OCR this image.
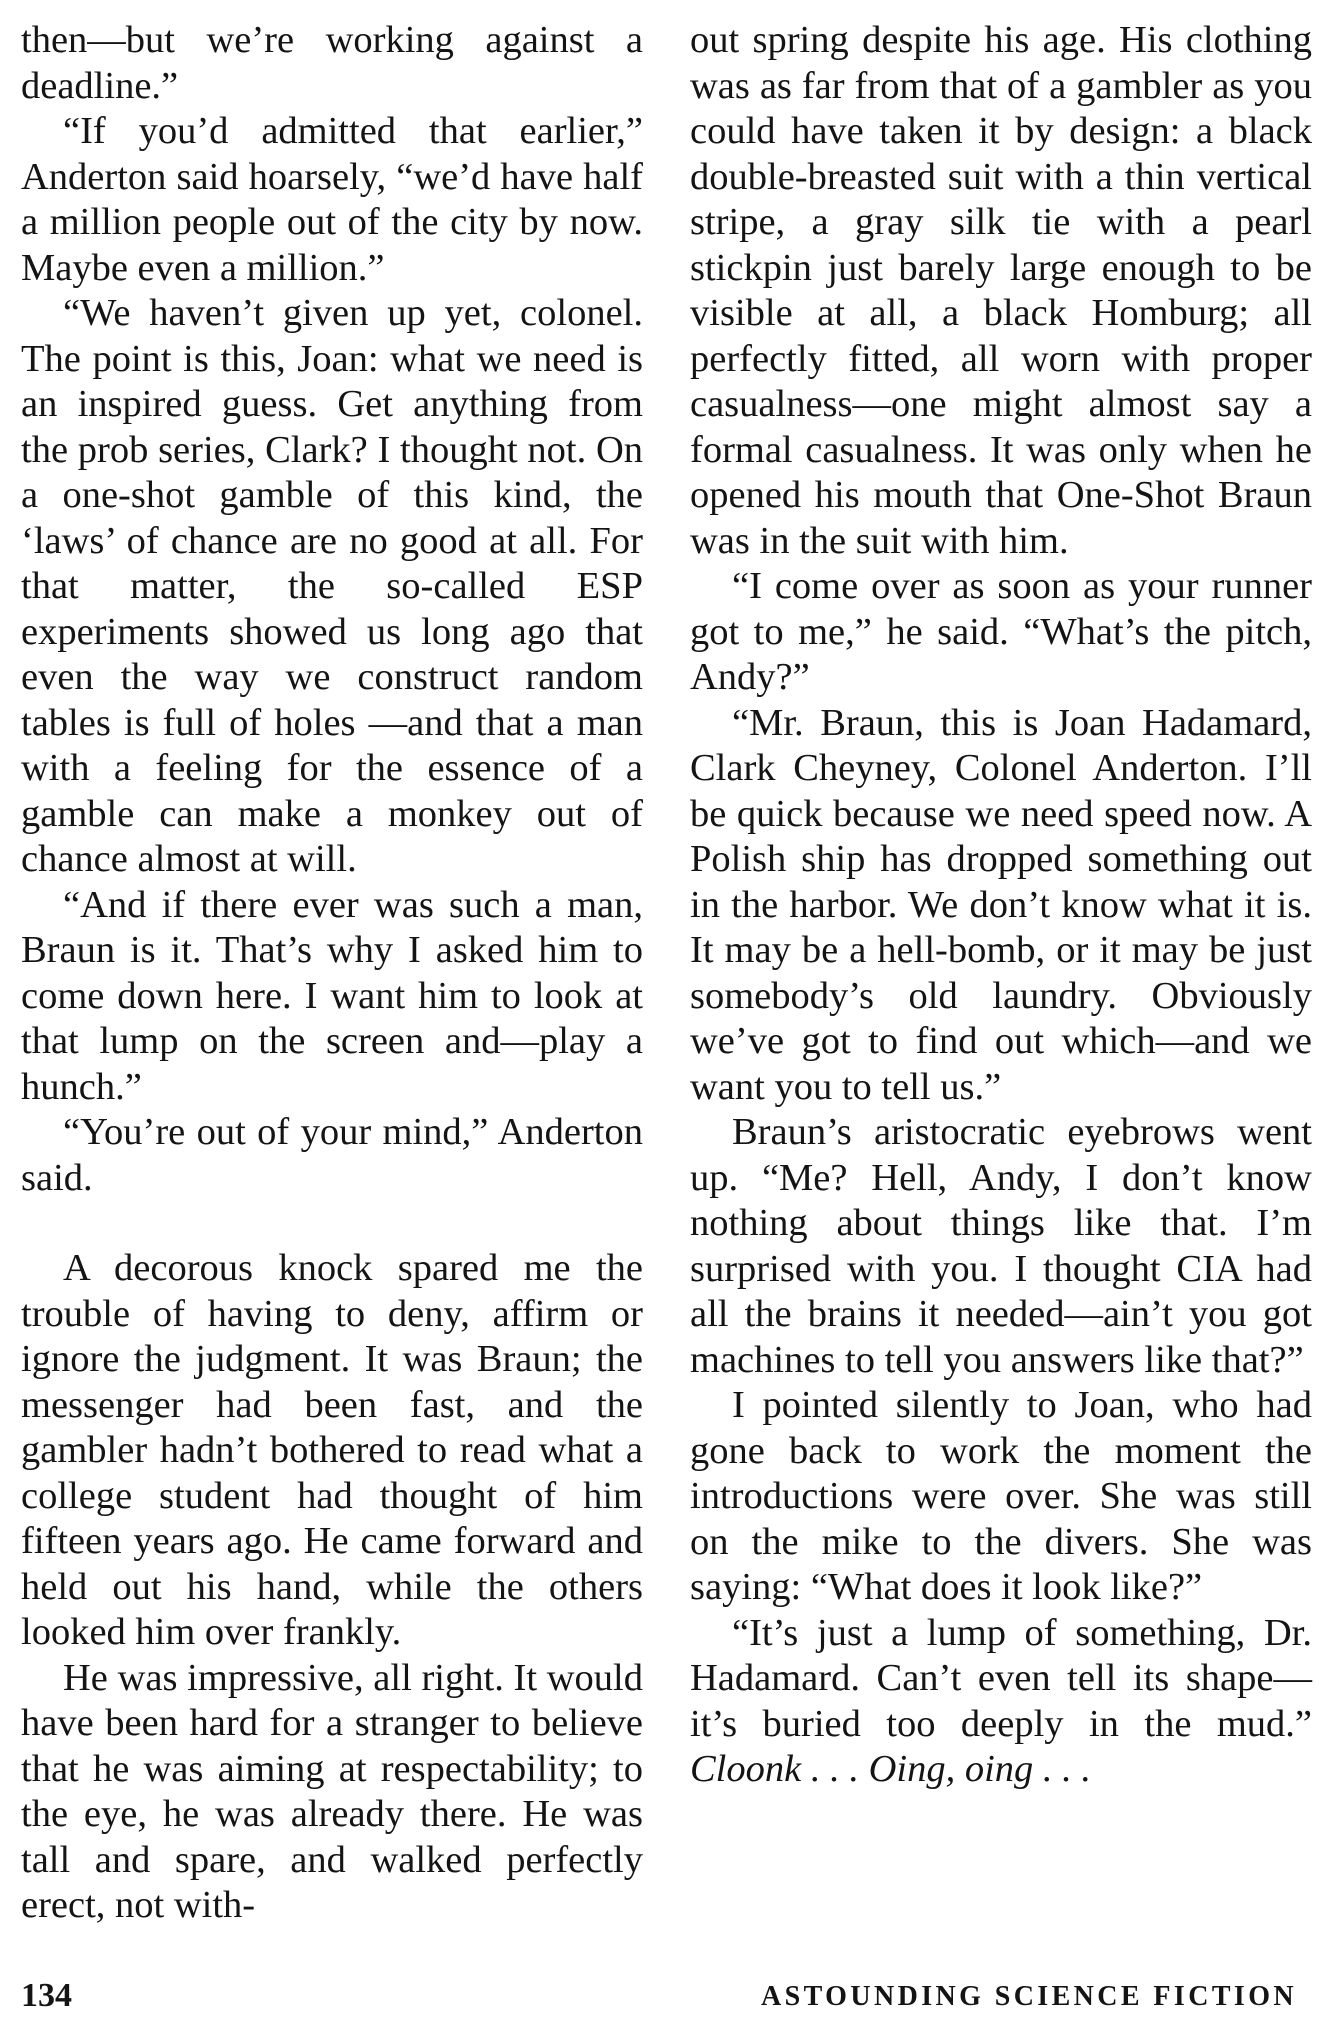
then—but we’re working against a deadline.”

“If you’d admitted that earlier,” Anderton said hoarsely, “we’d have half a million people out of the city by now. Maybe even a million.”

“We haven’t given up yet, colonel. The point is this, Joan: what we need is an inspired guess. Get anything from the prob series, Clark? I thought not. On a one-shot gamble of this kind, the ‘laws’ of chance are no good at all. For that matter, the so-called ESP experiments showed us long ago that even the way we construct random tables is full of holes —and that a man with a feeling for the essence of a gamble can make a monkey out of chance almost at will.

“And if there ever was such a man, Braun is it. That’s why I asked him to come down here. I want him to look at that lump on the screen and—play a hunch.”

“You’re out of your mind,” Anderton said.

A decorous knock spared me the trouble of having to deny, affirm or ignore the judgment. It was Braun; the messenger had been fast, and the gambler hadn’t bothered to read what a college student had thought of him fifteen years ago. He came forward and held out his hand, while the others looked him over frankly.

He was impressive, all right. It would have been hard for a stranger to believe that he was aiming at respectability; to the eye, he was already there. He was tall and spare, and walked perfectly erect, not with-

out spring despite his age. His clothing was as far from that of a gambler as you could have taken it by design: a black double-breasted suit with a thin vertical stripe, a gray silk tie with a pearl stickpin just barely large enough to be visible at all, a black Homburg; all perfectly fitted, all worn with proper casualness—one might almost say a formal casualness. It was only when he opened his mouth that One-Shot Braun was in the suit with him.

“I come over as soon as your runner got to me,” he said. “What’s the pitch, Andy?”

“Mr. Braun, this is Joan Hadamard, Clark Cheyney, Colonel Anderton. I’ll be quick because we need speed now. A Polish ship has dropped something out in the harbor. We don’t know what it is. It may be a hell-bomb, or it may be just somebody’s old laundry. Obviously we’ve got to find out which—and we want you to tell us.”

Braun’s aristocratic eyebrows went up. “Me? Hell, Andy, I don’t know nothing about things like that. I’m surprised with you. I thought CIA had all the brains it needed—ain’t you got machines to tell you answers like that?”

I pointed silently to Joan, who had gone back to work the moment the introductions were over. She was still on the mike to the divers. She was saying: “What does it look like?”

“It’s just a lump of something, Dr. Hadamard. Can’t even tell its shape—it’s buried too deeply in the mud.” Cloonk . . . Oing, oing . . .

134	ASTOUNDING SCIENCE FICTION
